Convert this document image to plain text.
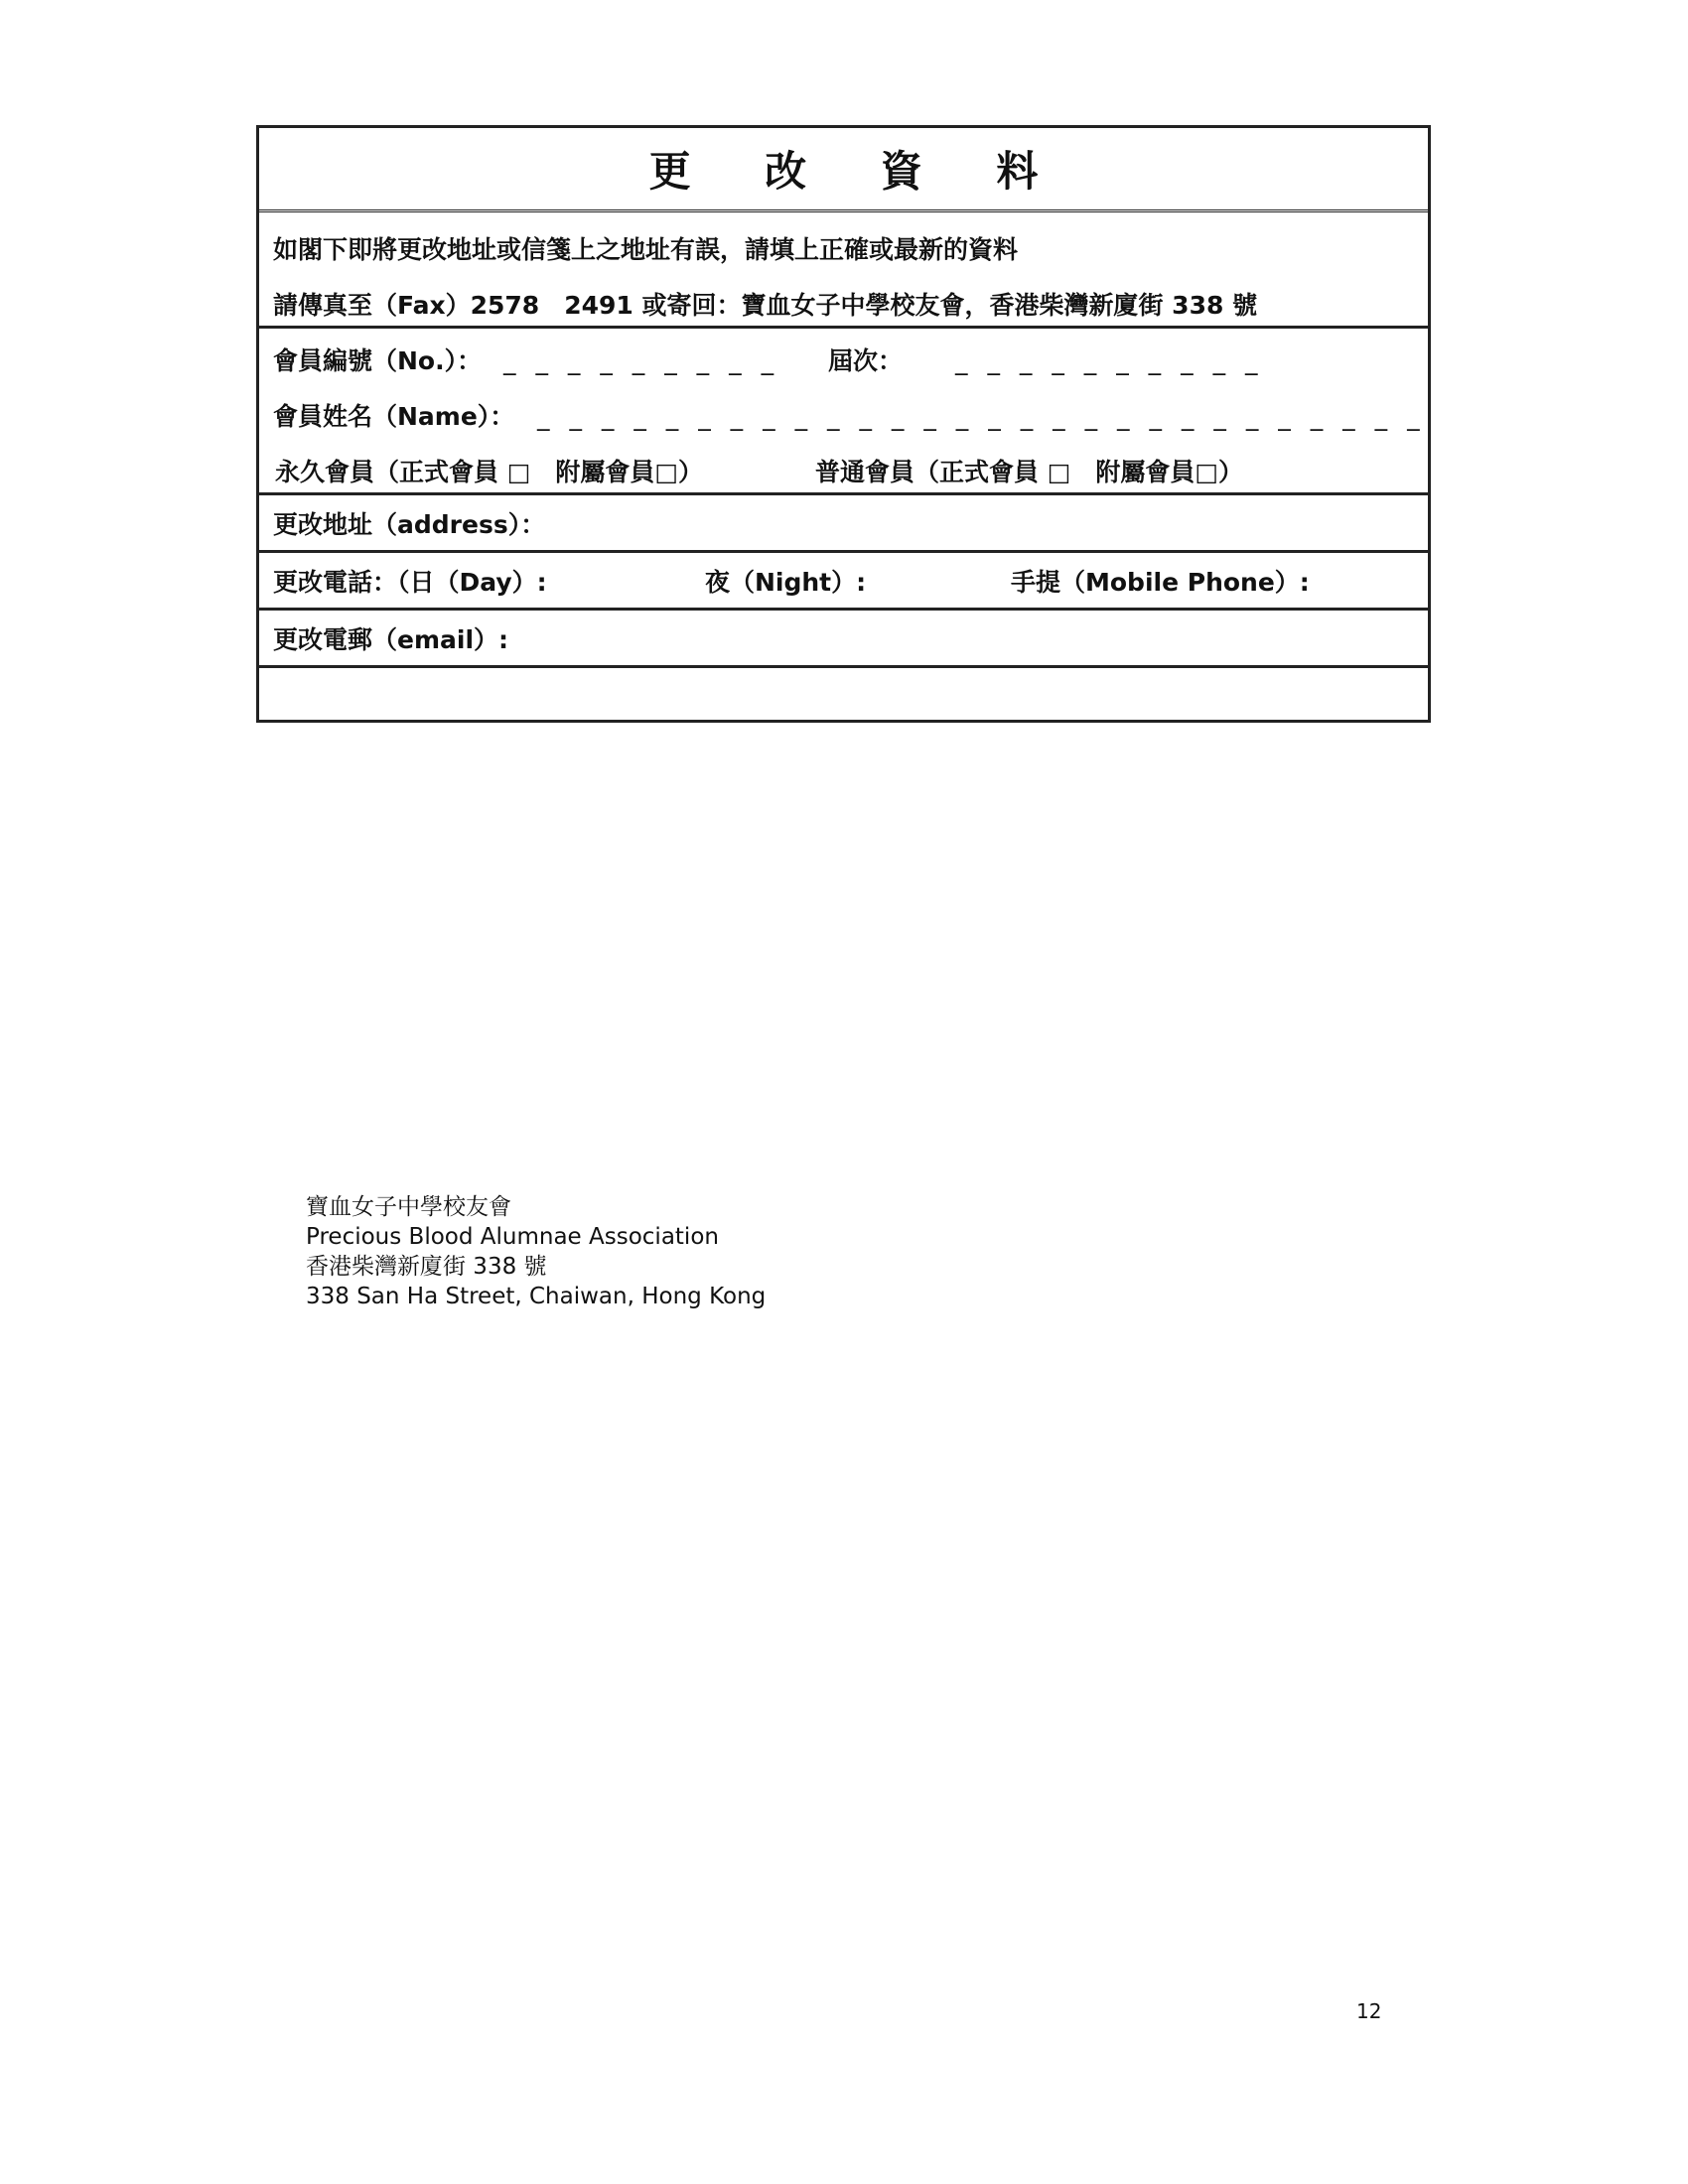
更 改 資 料
如閣下即將更改地址或信箋上之地址有誤，請填上正確或最新的資料
請傳真至（Fax）2578　2491 或寄回：寶血女子中學校友會，香港柴灣新廈街 338 號
會員編號（No.）： _ _ _ _ _ _ _ _ _ 屆次： _ _ _ _ _ _ _ _ _ _
會員姓名（Name）： _ _ _ _ _ _ _ _ _ _ _ _ _ _ _ _ _ _ _ _ _ _ _ _ _ _ _ _
永久會員（正式會員 □　附屬會員□）	普通會員（正式會員 □　附屬會員□）
更改地址（address）：
更改電話：（日（Day）:	夜（Night）:	手提（Mobile Phone）:
更改電郵（email）:
寶血女子中學校友會
Precious Blood Alumnae Association
香港柴灣新廈街 338 號
338 San Ha Street, Chaiwan, Hong Kong
12
